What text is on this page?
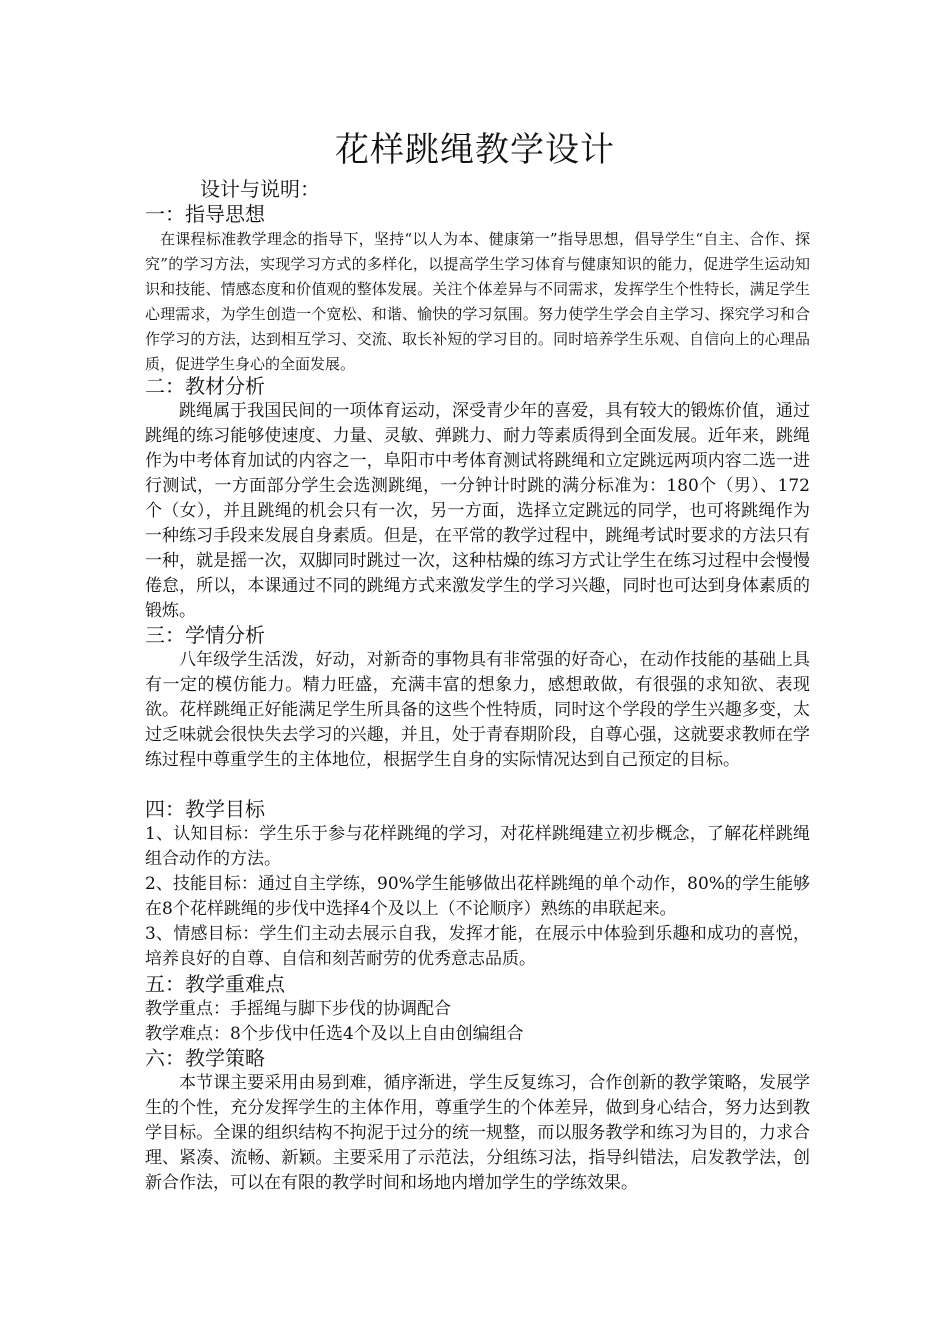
花样跳绳教学设计
设计与说明：
一：指导思想
在课程标准教学理念的指导下，坚持“以人为本、健康第一”指导思想，倡导学生“自主、合作、探究”的学习方法，实现学习方式的多样化，以提高学生学习体育与健康知识的能力，促进学生运动知识和技能、情感态度和价值观的整体发展。关注个体差异与不同需求，发挥学生个性特长，满足学生心理需求，为学生创造一个宽松、和谐、愉快的学习氛围。努力使学生学会自主学习、探究学习和合作学习的方法，达到相互学习、交流、取长补短的学习目的。同时培养学生乐观、自信向上的心理品质，促进学生身心的全面发展。
二：教材分析
跳绳属于我国民间的一项体育运动，深受青少年的喜爱，具有较大的锻炼价值，通过跳绳的练习能够使速度、力量、灵敏、弹跳力、耐力等素质得到全面发展。近年来，跳绳作为中考体育加试的内容之一，阜阳市中考体育测试将跳绳和立定跳远两项内容二选一进行测试，一方面部分学生会选测跳绳，一分钟计时跳的满分标准为：180个（男）、172个（女），并且跳绳的机会只有一次，另一方面，选择立定跳远的同学，也可将跳绳作为一种练习手段来发展自身素质。但是，在平常的教学过程中，跳绳考试时要求的方法只有一种，就是摇一次，双脚同时跳过一次，这种枯燥的练习方式让学生在练习过程中会慢慢倦怠，所以，本课通过不同的跳绳方式来激发学生的学习兴趣，同时也可达到身体素质的锻炼。
三：学情分析
八年级学生活泼，好动，对新奇的事物具有非常强的好奇心，在动作技能的基础上具有一定的模仿能力。精力旺盛，充满丰富的想象力，感想敢做，有很强的求知欲、表现欲。花样跳绳正好能满足学生所具备的这些个性特质，同时这个学段的学生兴趣多变，太过乏味就会很快失去学习的兴趣，并且，处于青春期阶段，自尊心强，这就要求教师在学练过程中尊重学生的主体地位，根据学生自身的实际情况达到自己预定的目标。
四：教学目标
1、认知目标：学生乐于参与花样跳绳的学习，对花样跳绳建立初步概念，了解花样跳绳组合动作的方法。
2、技能目标：通过自主学练，90%学生能够做出花样跳绳的单个动作，80%的学生能够在8个花样跳绳的步伐中选择4个及以上（不论顺序）熟练的串联起来。
3、情感目标：学生们主动去展示自我，发挥才能，在展示中体验到乐趣和成功的喜悦，培养良好的自尊、自信和刻苦耐劳的优秀意志品质。
五：教学重难点
教学重点：手摇绳与脚下步伐的协调配合
教学难点：8个步伐中任选4个及以上自由创编组合
六：教学策略
本节课主要采用由易到难，循序渐进，学生反复练习，合作创新的教学策略，发展学生的个性，充分发挥学生的主体作用，尊重学生的个体差异，做到身心结合，努力达到教学目标。全课的组织结构不拘泥于过分的统一规整，而以服务教学和练习为目的，力求合理、紧凑、流畅、新颖。主要采用了示范法，分组练习法，指导纠错法，启发教学法，创新合作法，可以在有限的教学时间和场地内增加学生的学练效果。
